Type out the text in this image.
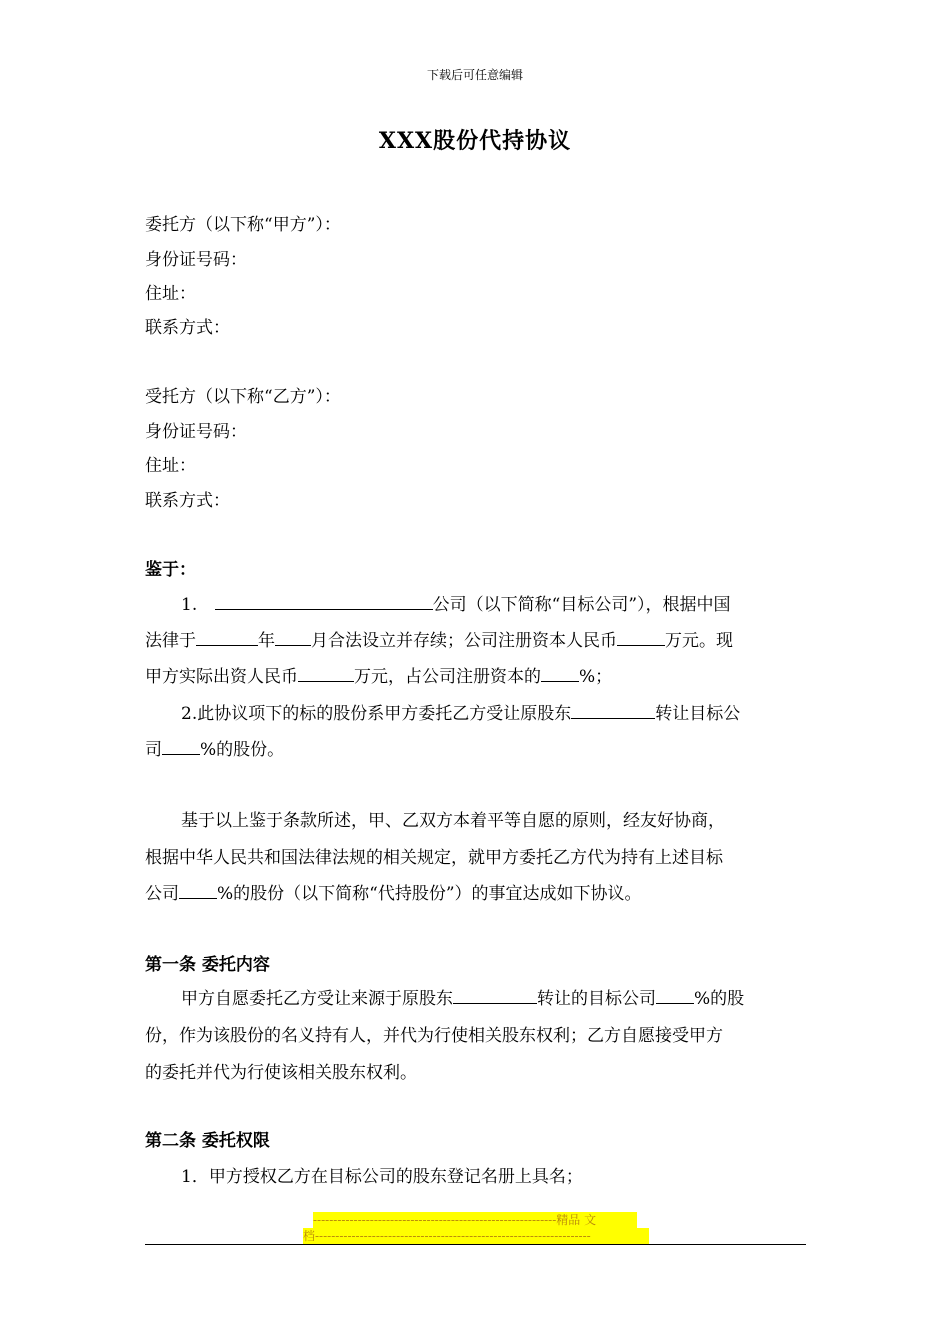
下载后可任意编辑
XXX股份代持协议
委托方（以下称“甲方”）：
身份证号码：
住址：
联系方式：
受托方（以下称“乙方”）：
身份证号码：
住址：
联系方式：
鉴于：
1.	公司（以下简称“目标公司”），根据中国
法律于	年 月合法设立并存续；公司注册资本人民币	万元。现
甲方实际出资人民币	万元，占公司注册资本的 %；
2.此协议项下的标的股份系甲方委托乙方受让原股东	转让目标公
司 %的股份。
基于以上鉴于条款所述，甲、乙双方本着平等自愿的原则，经友好协商，
根据中华人民共和国法律法规的相关规定，就甲方委托乙方代为持有上述目标
公司 %的股份（以下简称“代持股份”）的事宜达成如下协议。
第一条 委托内容
甲方自愿委托乙方受让来源于原股东	转让的目标公司 %的股
份，作为该股份的名义持有人，并代为行使相关股东权利；乙方自愿接受甲方
的委托并代为行使该相关股东权利。
第二条 委托权限
1．甲方授权乙方在目标公司的股东登记名册上具名；
------------------------------------------------------------精品 文
档--------------------------------------------------------------------
